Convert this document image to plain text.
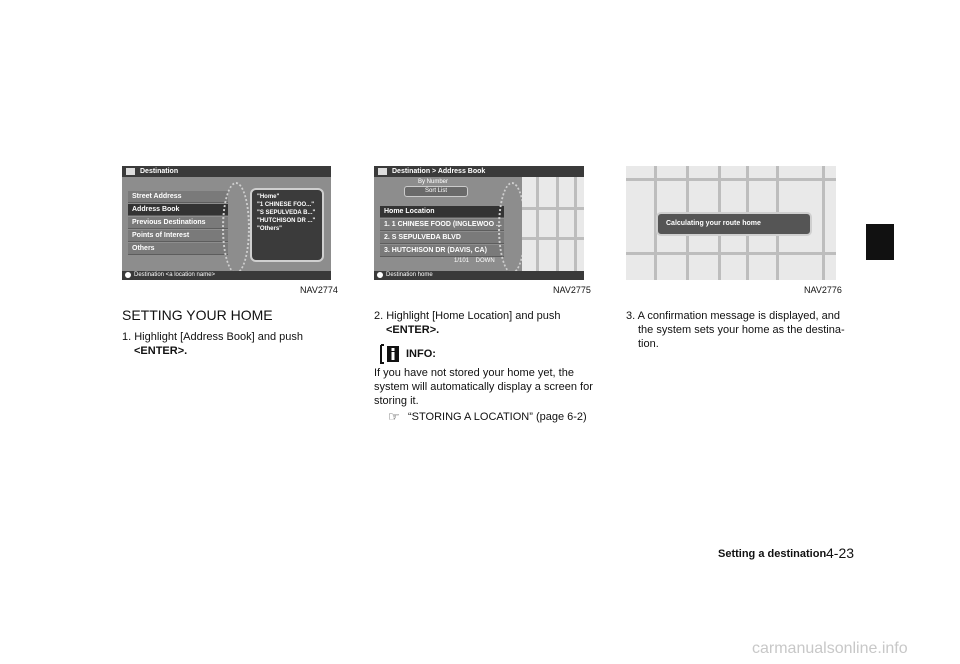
Destination
Street Address
Address Book
Previous Destinations
Points of Interest
Others
"Home"
"1 CHINESE FOO..."
"S SEPULVEDA B..."
"HUTCHISON DR ..."
"Others"
Destination <a location name>
NAV2774
Destination > Address Book
By Number
Sort List
Home Location
1. 1 CHINESE FOOD (INGLEWOO ...
2. S SEPULVEDA BLVD
3. HUTCHISON DR (DAVIS, CA)
1/101    DOWN
Destination home
NAV2775
Calculating your route home
NAV2776
SETTING YOUR HOME
1. Highlight [Address Book] and push
<ENTER>.
2. Highlight [Home Location] and push
<ENTER>.
INFO:
If you have not stored your home yet, the
system will automatically display a screen for
storing it.
☞ “STORING A LOCATION” (page 6-2)
3. A confirmation message is displayed, and
the system sets your home as the destina-
tion.
Setting a destination 4-23
carmanualsonline.info
